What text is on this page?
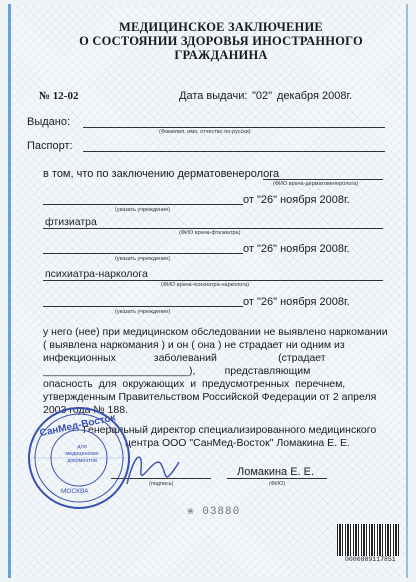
МЕДИЦИНСКОЕ ЗАКЛЮЧЕНИЕ
О СОСТОЯНИИ ЗДОРОВЬЯ ИНОСТРАННОГО
ГРАЖДАНИНА
№ 12-02	Дата выдачи: "02" декабря 2008г.
Выдано:
(Фамилия, имя, отчество по-русски)
Паспорт:
в том, что по заключению дерматовенеролога
(ФИО врача-дерматовенеролога)
от "26" ноября 2008г.
(указать учреждение)
фтизиатра
(ФИО врача-фтизиатра)
от "26" ноября 2008г.
(указать учреждение)
психиатра-нарколога
(ФИО врача-психиатра-нарколога)
от "26" ноября 2008г.
(указать учреждение)
у него (нее) при медицинском обследовании не выявлено наркомании
( выявлена наркомания ) и он ( она ) не страдает ни одним из
инфекционных             заболеваний                     (страдает
_________________________),          представляющим
опасность  для  окружающих  и  предусмотренных  перечнем,
утвержденным Правительством Российской Федерации от 2 апреля
2003 года № 188.
Генеральный директор специализированного медицинского
центра ООО "СанМед-Восток" Ломакина Е. Е.
(подпись)
Ломакина Е. Е.
(ФИО)
СанМед-Восток
для медицинских документов
МОСКВА
❀ 03880
0000889117851
